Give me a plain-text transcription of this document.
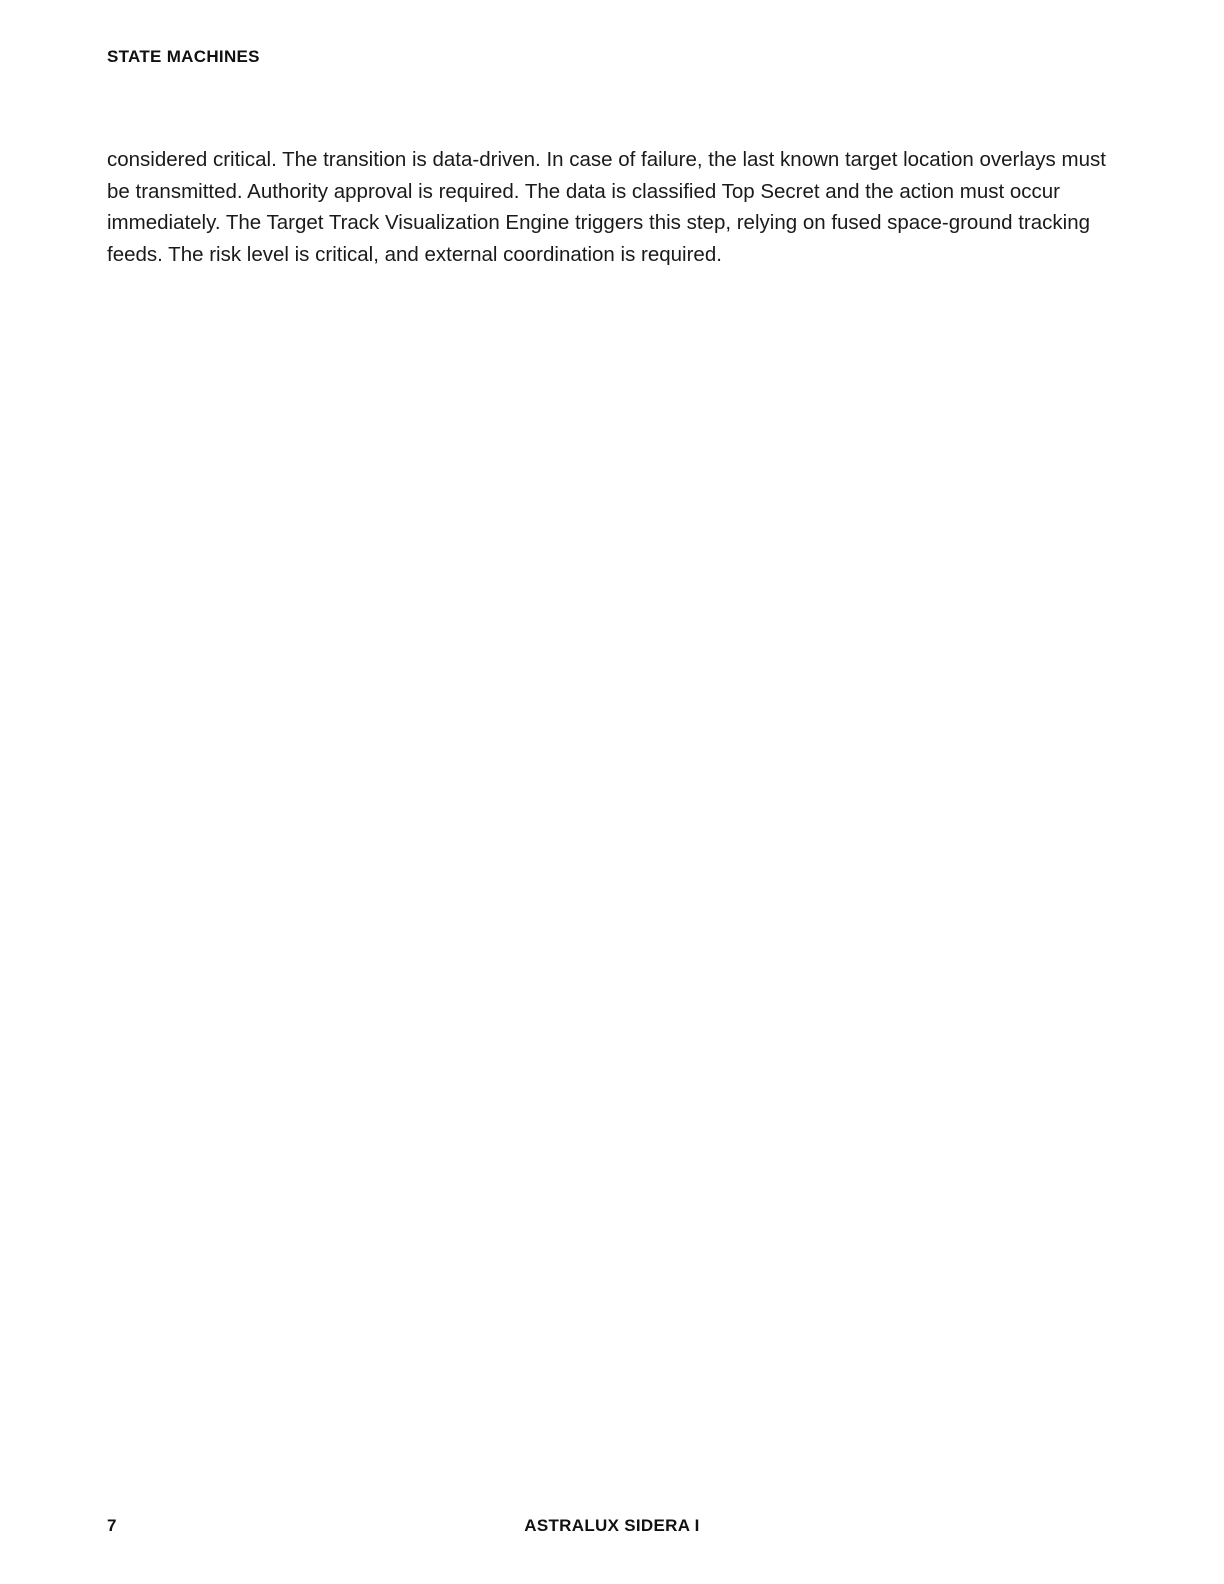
STATE MACHINES
considered critical. The transition is data-driven. In case of failure, the last known target location overlays must be transmitted. Authority approval is required. The data is classified Top Secret and the action must occur immediately. The Target Track Visualization Engine triggers this step, relying on fused space-ground tracking feeds. The risk level is critical, and external coordination is required.
7	ASTRALUX SIDERA I
